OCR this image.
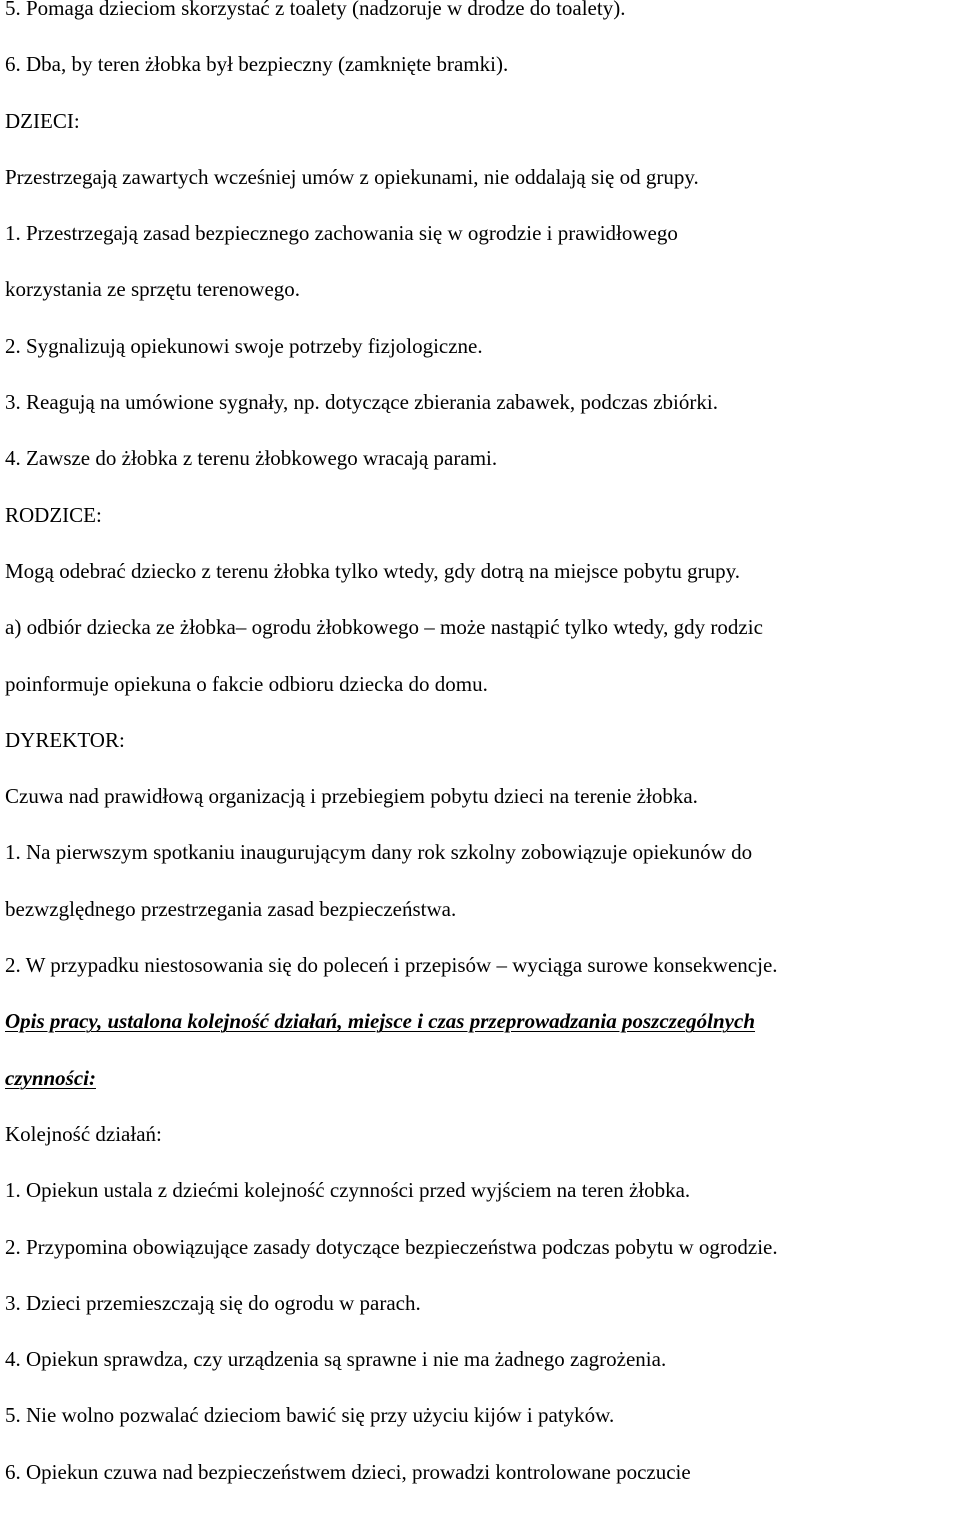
5. Pomaga dzieciom skorzystać z toalety (nadzoruje w drodze do toalety).
6. Dba, by teren żłobka był bezpieczny (zamknięte bramki).
DZIECI:
Przestrzegają zawartych wcześniej umów z opiekunami, nie oddalają się od grupy.
1. Przestrzegają zasad bezpiecznego zachowania się w ogrodzie i prawidłowego
korzystania ze sprzętu terenowego.
2. Sygnalizują opiekunowi swoje potrzeby fizjologiczne.
3. Reagują na umówione sygnały, np. dotyczące zbierania zabawek, podczas zbiórki.
4. Zawsze do żłobka z terenu żłobkowego wracają parami.
RODZICE:
Mogą odebrać dziecko z terenu żłobka tylko wtedy, gdy dotrą na miejsce pobytu grupy.
a) odbiór dziecka ze żłobka– ogrodu żłobkowego – może nastąpić tylko wtedy, gdy rodzic
poinformuje opiekuna o fakcie odbioru dziecka do domu.
DYREKTOR:
Czuwa nad prawidłową organizacją i przebiegiem pobytu dzieci na terenie żłobka.
1. Na pierwszym spotkaniu inaugurującym dany rok szkolny zobowiązuje opiekunów do
bezwzględnego przestrzegania zasad bezpieczeństwa.
2. W przypadku niestosowania się do poleceń i przepisów – wyciąga surowe konsekwencje.
Opis pracy, ustalona kolejność działań, miejsce i czas przeprowadzania poszczególnych
czynności:
Kolejność działań:
1. Opiekun ustala z dziećmi kolejność czynności przed wyjściem na teren żłobka.
2. Przypomina obowiązujące zasady dotyczące bezpieczeństwa podczas pobytu w ogrodzie.
3. Dzieci przemieszczają się do ogrodu w parach.
4. Opiekun sprawdza, czy urządzenia są sprawne i nie ma żadnego zagrożenia.
5. Nie wolno pozwalać dzieciom bawić się przy użyciu kijów i patyków.
6. Opiekun czuwa nad bezpieczeństwem dzieci, prowadzi kontrolowane poczucie
